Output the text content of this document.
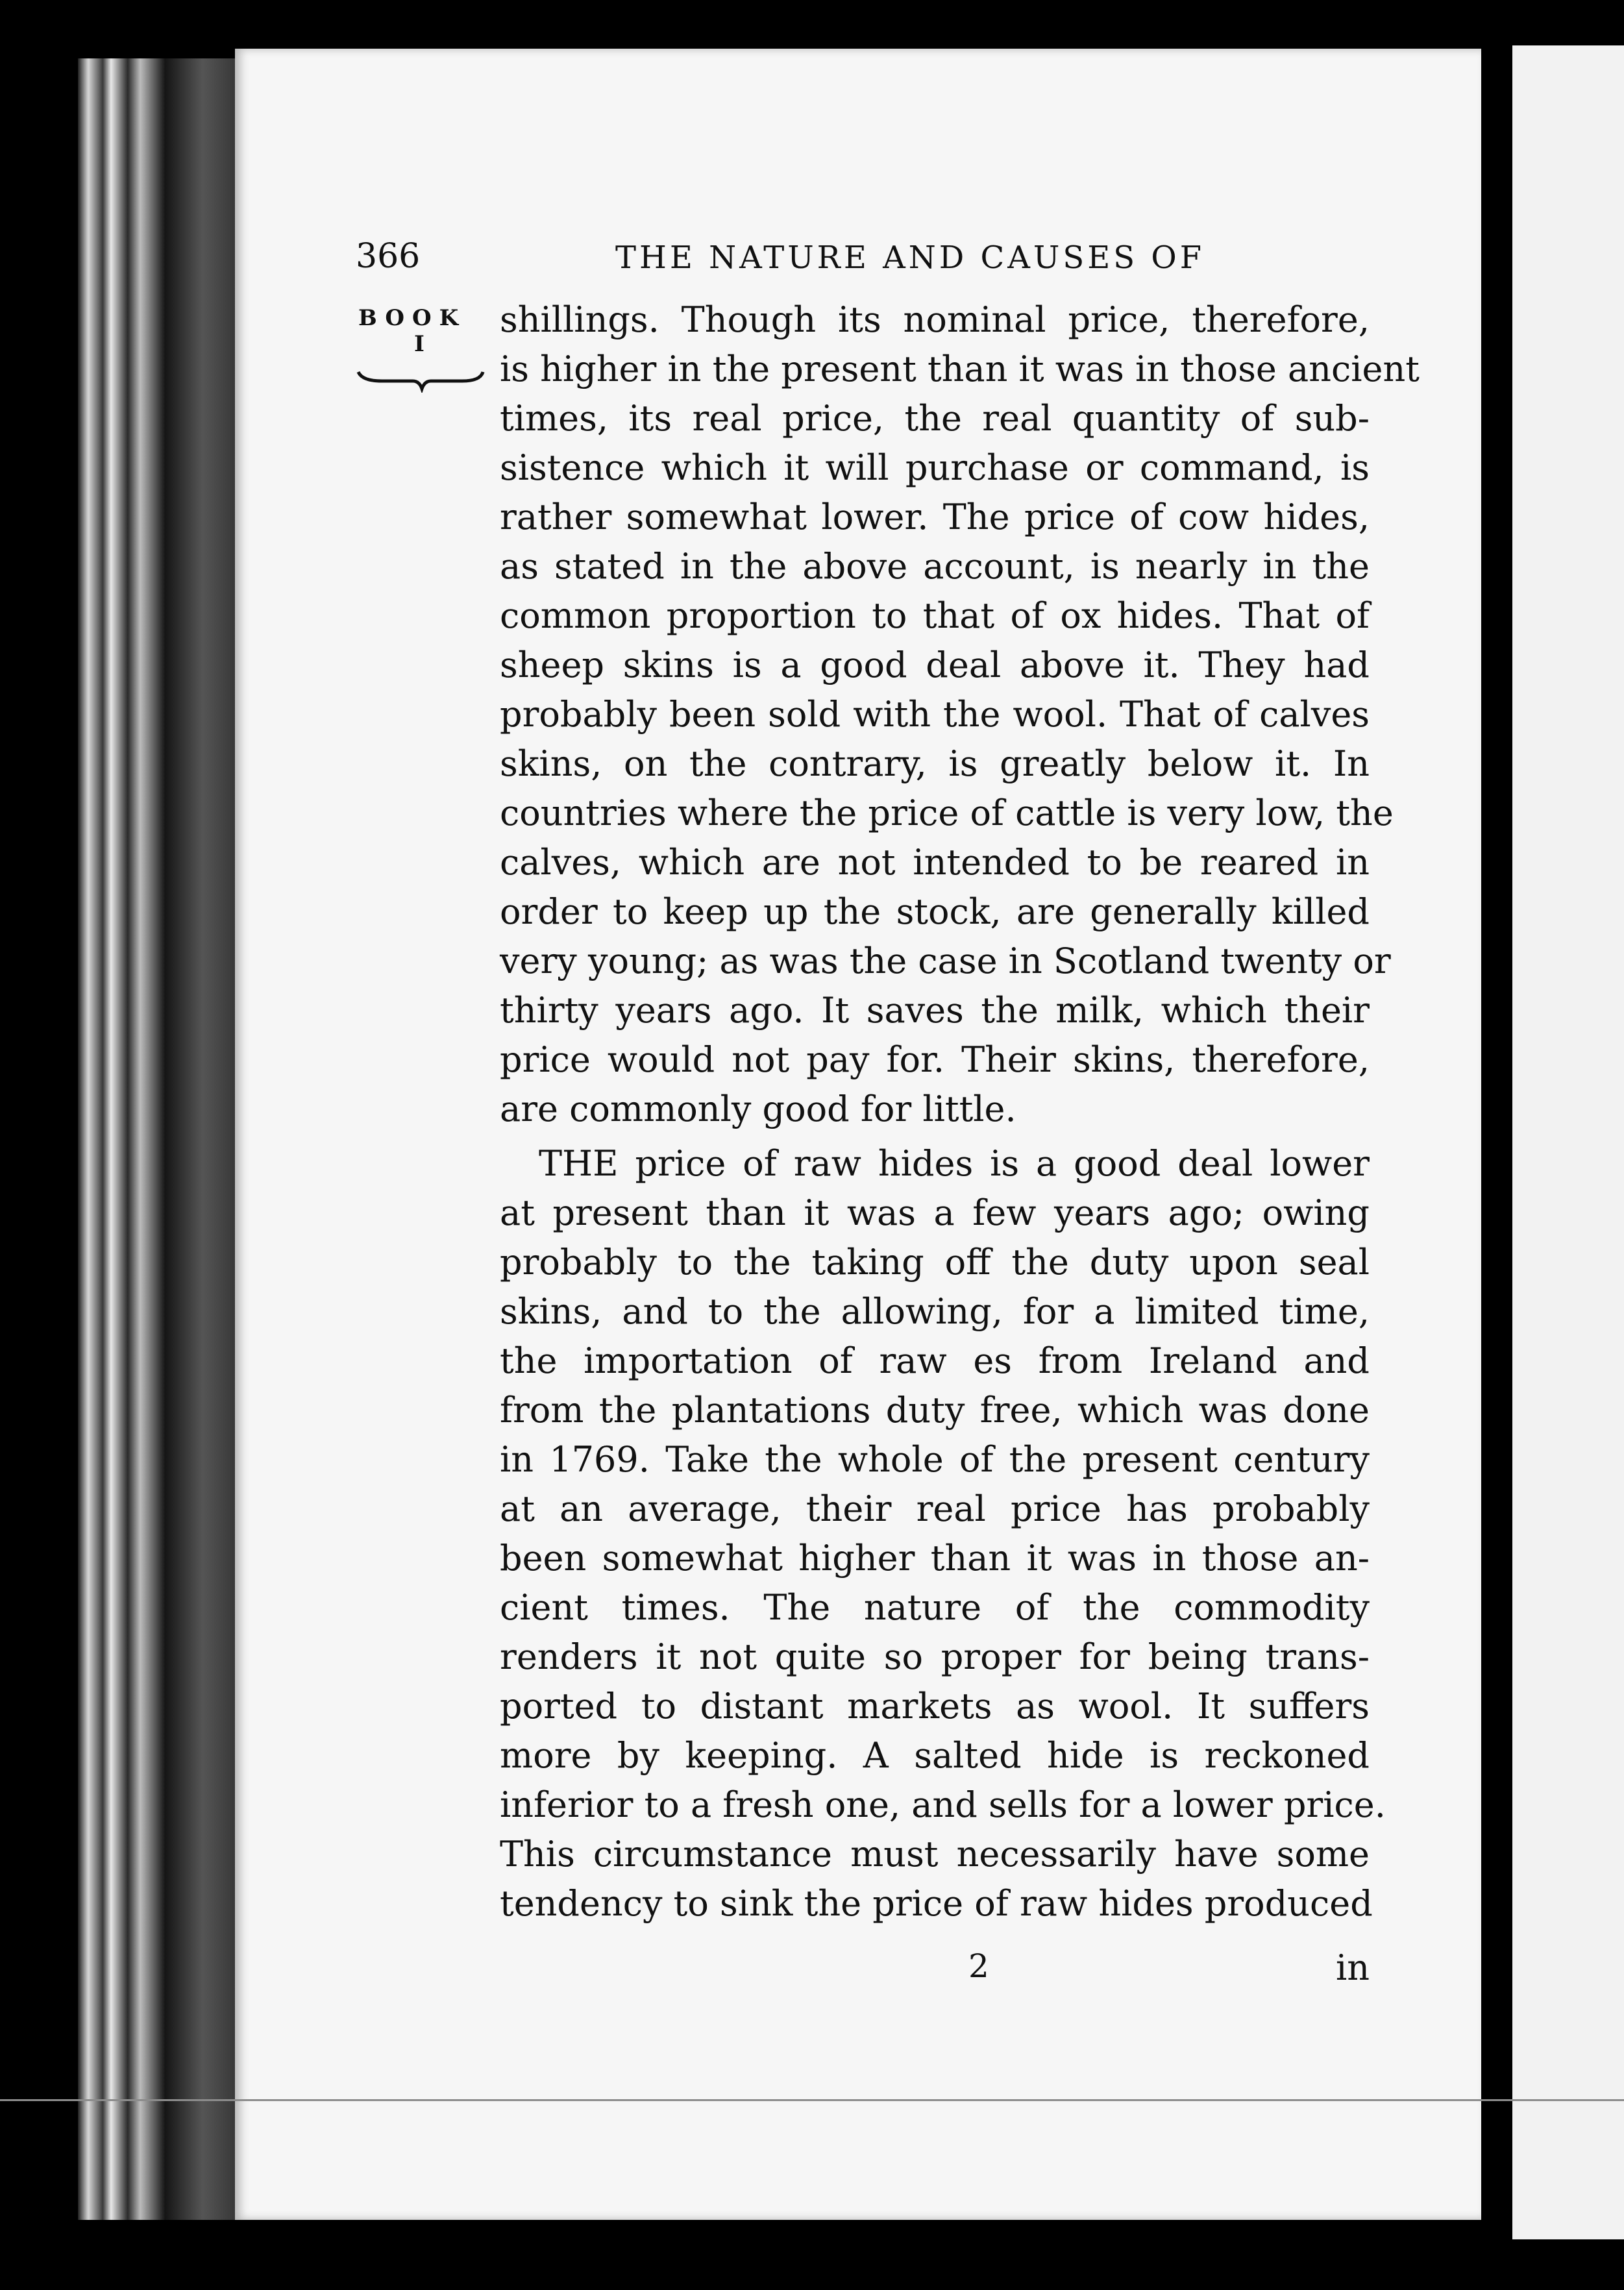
366	THE NATURE AND CAUSES OF
BOOK
I
shillings. Though its nominal price, therefore,
is higher in the present than it was in those ancient
times, its real price, the real quantity of sub-
sistence which it will purchase or command, is
rather somewhat lower. The price of cow hides,
as stated in the above account, is nearly in the
common proportion to that of ox hides. That of
sheep skins is a good deal above it. They had
probably been sold with the wool. That of calves
skins, on the contrary, is greatly below it. In
countries where the price of cattle is very low, the
calves, which are not intended to be reared in
order to keep up the stock, are generally killed
very young; as was the case in Scotland twenty or
thirty years ago. It saves the milk, which their
price would not pay for. Their skins, therefore,
are commonly good for little.
THE price of raw hides is a good deal lower
at present than it was a few years ago; owing
probably to the taking off the duty upon seal
skins, and to the allowing, for a limited time,
the importation of raw es from Ireland and
from the plantations duty free, which was done
in 1769. Take the whole of the present century
at an average, their real price has probably
been somewhat higher than it was in those an-
cient times. The nature of the commodity
renders it not quite so proper for being trans-
ported to distant markets as wool. It suffers
more by keeping. A salted hide is reckoned
inferior to a fresh one, and sells for a lower price.
This circumstance must necessarily have some
tendency to sink the price of raw hides produced
2	in
